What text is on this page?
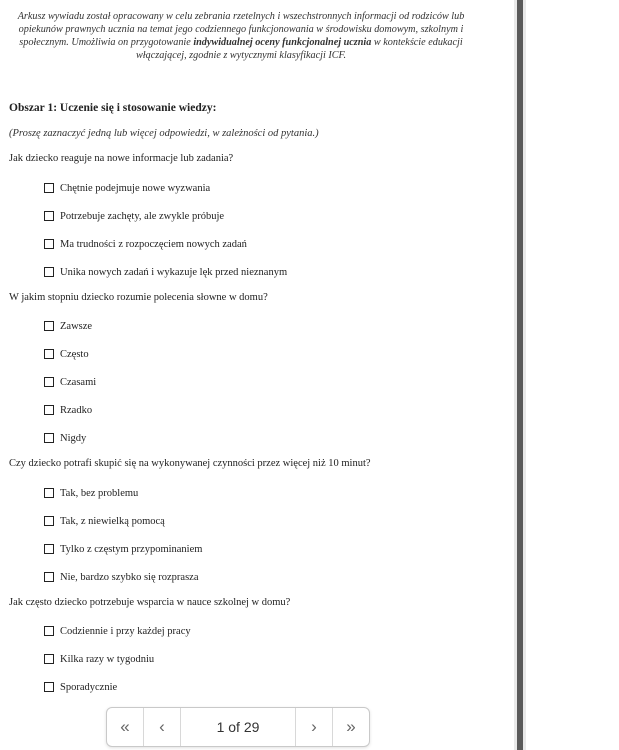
Arkusz wywiadu został opracowany w celu zebrania rzetelnych i wszechstronnych informacji od rodziców lub opiekunów prawnych ucznia na temat jego codziennego funkcjonowania w środowisku domowym, szkolnym i społecznym. Umożliwia on przygotowanie indywidualnej oceny funkcjonalnej ucznia w kontekście edukacji włączającej, zgodnie z wytycznymi klasyfikacji ICF.
Obszar 1: Uczenie się i stosowanie wiedzy:
(Proszę zaznaczyć jedną lub więcej odpowiedzi, w zależności od pytania.)
Jak dziecko reaguje na nowe informacje lub zadania?
Chętnie podejmuje nowe wyzwania
Potrzebuje zachęty, ale zwykle próbuje
Ma trudności z rozpoczęciem nowych zadań
Unika nowych zadań i wykazuje lęk przed nieznanym
W jakim stopniu dziecko rozumie polecenia słowne w domu?
Zawsze
Często
Czasami
Rzadko
Nigdy
Czy dziecko potrafi skupić się na wykonywanej czynności przez więcej niż 10 minut?
Tak, bez problemu
Tak, z niewielką pomocą
Tylko z częstym przypominaniem
Nie, bardzo szybko się rozprasza
Jak często dziecko potrzebuje wsparcia w nauce szkolnej w domu?
Codziennie i przy każdej pracy
Kilka razy w tygodniu
Sporadycznie
«	‹	1 of 29	›	»
